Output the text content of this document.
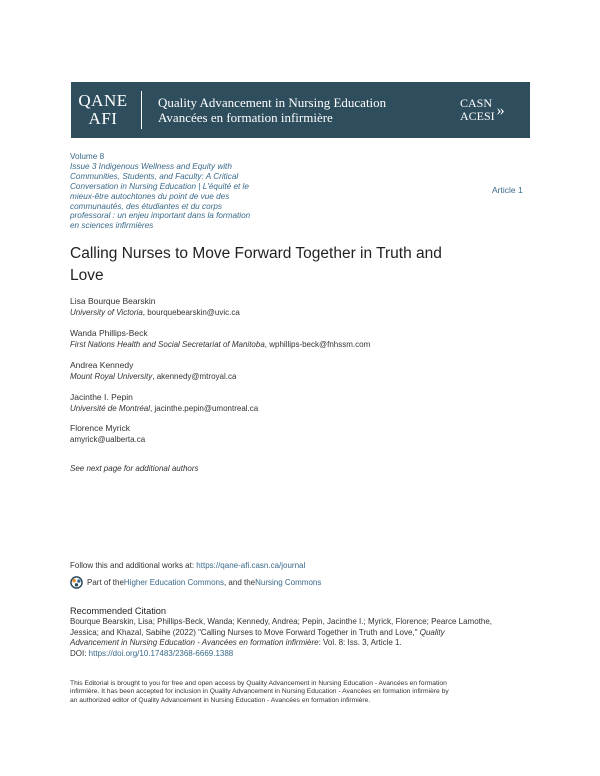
QANE
AFI
Quality Advancement in Nursing Education
Avancées en formation infirmière
CASN
ACESI »
Volume 8
Issue 3 Indigenous Wellness and Equity with
Communities, Students, and Faculty: A Critical
Conversation in Nursing Education | L'équité et le
mieux-être autochtones du point de vue des
communautés, des étudiantes et du corps
professoral : un enjeu important dans la formation
en sciences infirmières
Article 1
Calling Nurses to Move Forward Together in Truth and
Love
Lisa Bourque Bearskin
University of Victoria, bourquebearskin@uvic.ca
Wanda Phillips-Beck
First Nations Health and Social Secretariat of Manitoba, wphillips-beck@fnhssm.com
Andrea Kennedy
Mount Royal University, akennedy@mtroyal.ca
Jacinthe I. Pepin
Université de Montréal, jacinthe.pepin@umontreal.ca
Florence Myrick
amyrick@ualberta.ca
See next page for additional authors
Follow this and additional works at: https://qane-afi.casn.ca/journal
Part of the Higher Education Commons , and the Nursing Commons
Recommended Citation
Bourque Bearskin, Lisa; Phillips-Beck, Wanda; Kennedy, Andrea; Pepin, Jacinthe I.; Myrick, Florence; Pearce Lamothe,
Jessica; and Khazal, Sabihe (2022) "Calling Nurses to Move Forward Together in Truth and Love," Quality
Advancement in Nursing Education - Avancées en formation infirmière: Vol. 8: Iss. 3, Article 1.
DOI: https://doi.org/10.17483/2368-6669.1388
This Editorial is brought to you for free and open access by Quality Advancement in Nursing Education - Avancées en formation
infirmière. It has been accepted for inclusion in Quality Advancement in Nursing Education - Avancées en formation infirmière by
an authorized editor of Quality Advancement in Nursing Education - Avancées en formation infirmière.
